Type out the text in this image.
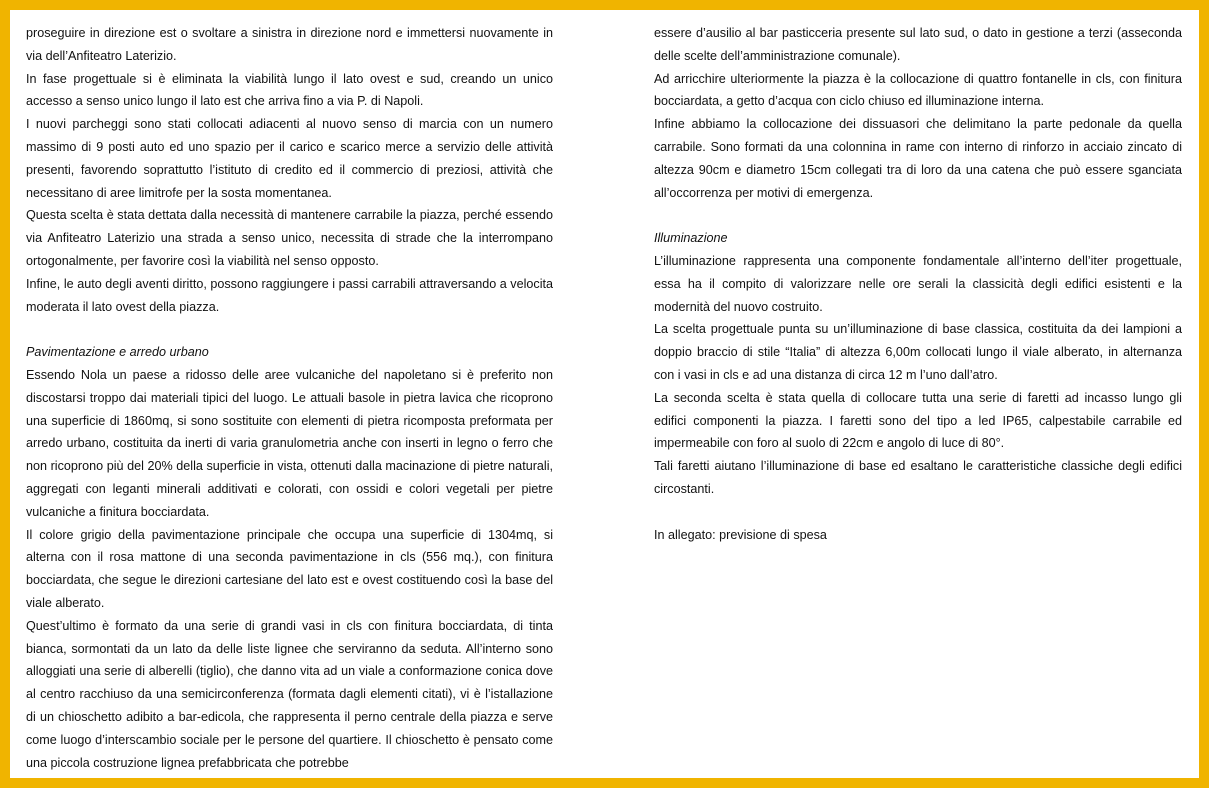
proseguire in direzione est o svoltare a sinistra in direzione nord e immettersi nuovamente in via dell’Anfiteatro Laterizio.

In fase progettuale si è eliminata la viabilità lungo il lato ovest e sud, creando un unico accesso a senso unico lungo il lato est che arriva fino a via P. di Napoli.

I nuovi parcheggi sono stati collocati adiacenti al nuovo senso di marcia con un numero massimo di 9 posti auto ed uno spazio per il carico e scarico merce a servizio delle attività presenti, favorendo soprattutto l’istituto di credito ed il commercio di preziosi, attività che necessitano di aree limitrofe per la sosta momentanea.

Questa scelta è stata dettata dalla necessità di mantenere carrabile la piazza, perché essendo via Anfiteatro Laterizio una strada a senso unico, necessita di strade che la interrompano ortogonalmente, per favorire così la viabilità nel senso opposto.

Infine, le auto degli aventi diritto, possono raggiungere i passi carrabili attraversando a velocita moderata il lato ovest della piazza.

Pavimentazione e arredo urbano

Essendo Nola un paese a ridosso delle aree vulcaniche del napoletano si è preferito non discostarsi troppo dai materiali tipici del luogo. Le attuali basole in pietra lavica che ricoprono una superficie di 1860mq, si sono sostituite con elementi di pietra ricomposta preformata per arredo urbano, costituita da inerti di varia granulometria anche con inserti in legno o ferro che non ricoprono più del 20% della superficie in vista, ottenuti dalla macinazione di pietre naturali, aggregati con leganti minerali additivati e colorati, con ossidi e colori vegetali per pietre vulcaniche a finitura bocciardata.

Il colore grigio della pavimentazione principale che occupa una superficie di 1304mq, si alterna con il rosa mattone di una seconda pavimentazione in cls (556 mq.), con finitura bocciardata, che segue le direzioni cartesiane del lato est e ovest costituendo così la base del viale alberato.

Quest’ultimo è formato da una serie di grandi vasi in cls con finitura bocciardata, di tinta bianca, sormontati da un lato da delle liste lignee che serviranno da seduta. All’interno sono alloggiati una serie di alberelli (tiglio), che danno vita ad un viale a conformazione conica dove al centro racchiuso da una semicirconferenza (formata dagli elementi citati), vi è l’istallazione di un chioschetto adibito a bar-edicola, che rappresenta il perno centrale della piazza e serve come luogo d’interscambio sociale per le persone del quartiere. Il chioschetto è pensato come una piccola costruzione lignea prefabbricata che potrebbe

essere d’ausilio al bar pasticceria presente sul lato sud, o dato in gestione a terzi (asseconda delle scelte dell’amministrazione comunale).

Ad arricchire ulteriormente la piazza è la collocazione di quattro fontanelle in cls, con finitura bocciardata, a getto d’acqua con ciclo chiuso ed illuminazione interna.

Infine abbiamo la collocazione dei dissuasori che delimitano la parte pedonale da quella carrabile. Sono formati da una colonnina in rame con interno di rinforzo in acciaio zincato di altezza 90cm e diametro 15cm collegati tra di loro da una catena che può essere sganciata all’occorrenza per motivi di emergenza.

Illuminazione

L’illuminazione rappresenta una componente fondamentale all’interno dell’iter progettuale, essa ha il compito di valorizzare nelle ore serali la classicità degli edifici esistenti e la modernità del nuovo costruito.

La scelta progettuale punta su un’illuminazione di base classica, costituita da dei lampioni a doppio braccio di stile “Italia” di altezza 6,00m collocati lungo il viale alberato, in alternanza con i vasi in cls e ad una distanza di circa 12 m l’uno dall’atro.

La seconda scelta è stata quella di collocare tutta una serie di faretti ad incasso lungo gli edifici componenti la piazza. I faretti sono del tipo a led IP65, calpestabile carrabile ed impermeabile con foro al suolo di 22cm e angolo di luce di 80°.

Tali faretti aiutano l’illuminazione di base ed esaltano le caratteristiche classiche degli edifici circostanti.

In allegato: previsione di spesa
